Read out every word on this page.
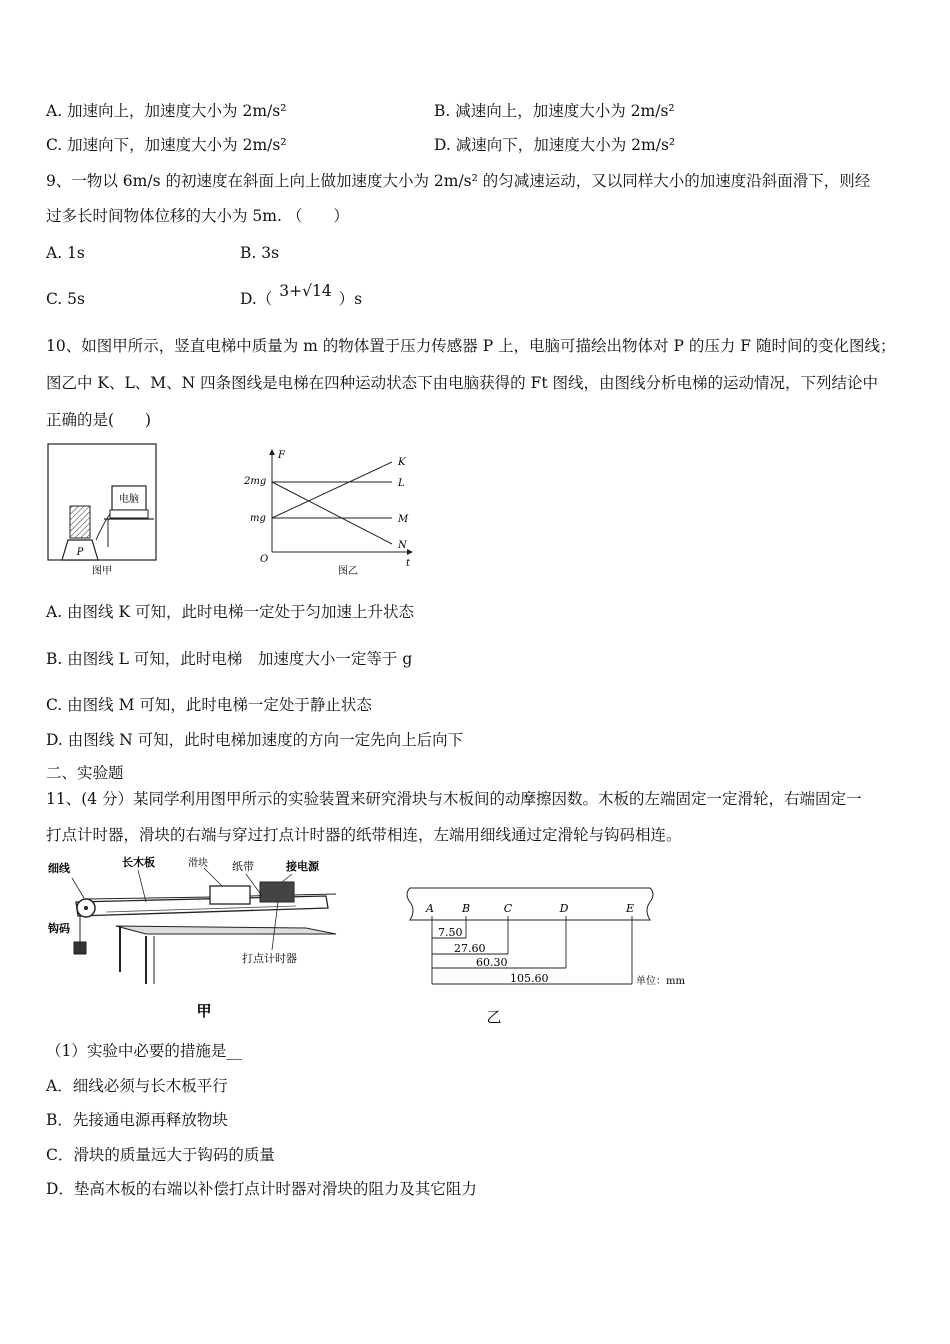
A. 加速向上，加速度大小为 2m/s²	B. 减速向上，加速度大小为 2m/s²
C. 加速向下，加速度大小为 2m/s²	D. 减速向下，加速度大小为 2m/s²
9、一物以 6m/s 的初速度在斜面上向上做加速度大小为 2m/s² 的匀减速运动，又以同样大小的加速度沿斜面滑下，则经
过多长时间物体位移的大小为 5m. （　　）
A. 1s	B. 3s
C. 5s	D.（ 3+√14 ）s
10、如图甲所示，竖直电梯中质量为 m 的物体置于压力传感器 P 上，电脑可描绘出物体对 P 的压力 F 随时间的变化图线；
图乙中 K、L、M、N 四条图线是电梯在四种运动状态下由电脑获得的 Ft 图线，由图线分析电梯的运动情况，下列结论中
正确的是(　　)
电脑
P
图甲
F
t
O
2mg
mg
K
L
M
N
图乙
A. 由图线 K 可知，此时电梯一定处于匀加速上升状态
B. 由图线 L 可知，此时电梯　加速度大小一定等于 g
C. 由图线 M 可知，此时电梯一定处于静止状态
D. 由图线 N 可知，此时电梯加速度的方向一定先向上后向下
二、实验题
11、(4 分）某同学利用图甲所示的实验装置来研究滑块与木板间的动摩擦因数。木板的左端固定一定滑轮，右端固定一
打点计时器，滑块的右端与穿过打点计时器的纸带相连，左端用细线通过定滑轮与钩码相连。
细线	长木板	滑块 纸带	接电源
钩码
打点计时器
甲
A	B	C	D	E
7.50
27.60
60.30
105.60	单位：mm
乙
（1）实验中必要的措施是__
A．细线必须与长木板平行
B．先接通电源再释放物块
C．滑块的质量远大于钩码的质量
D．垫高木板的右端以补偿打点计时器对滑块的阻力及其它阻力
